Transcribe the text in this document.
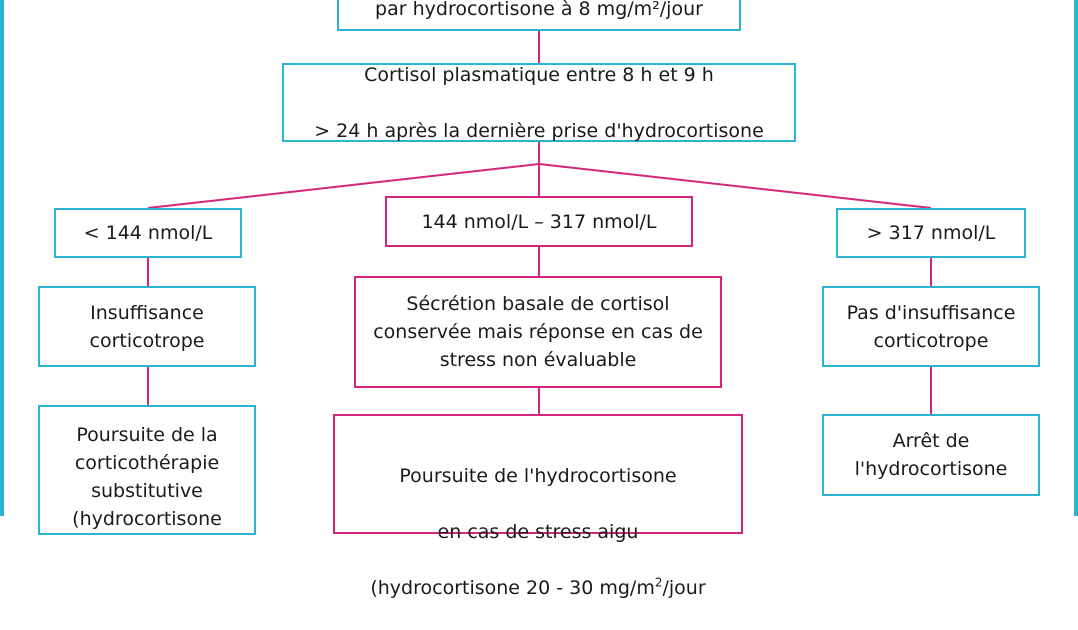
par hydrocortisone à 8 mg/m²/jour

Cortisol plasmatique entre 8 h et 9 h

> 24 h après la dernière prise d'hydrocortisone

< 144 nmol/L
144 nmol/L – 317 nmol/L
> 317 nmol/L
Insuffisance
corticotrope
Sécrétion basale de cortisol
conservée mais réponse en cas de
stress non évaluable
Pas d'insuffisance
corticotrope
Poursuite de la
corticothérapie
substitutive
(hydrocortisone

Poursuite de l'hydrocortisone

en cas de stress aigu

(hydrocortisone 20 - 30 $mg/m^2$/jour

Arrêt de
l'hydrocortisone
